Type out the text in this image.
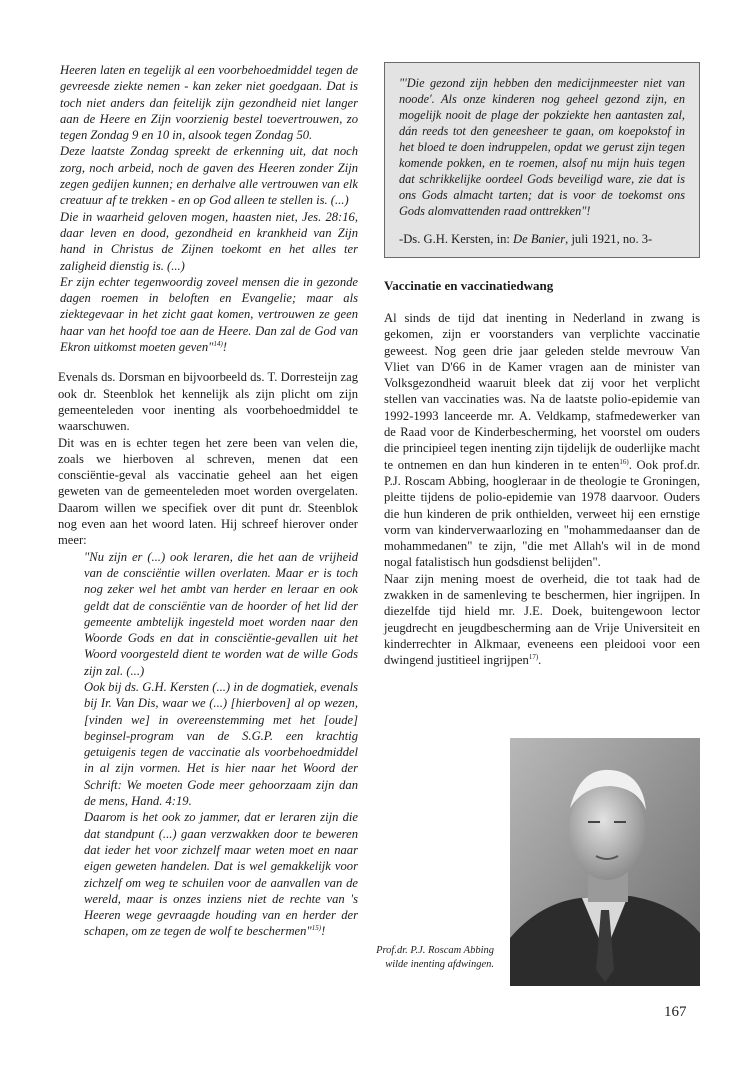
Heeren laten en tegelijk al een voorbehoedmiddel tegen de gevreesde ziekte nemen - kan zeker niet goedgaan. Dat is toch niet anders dan feitelijk zijn gezondheid niet langer aan de Heere en Zijn voorzienig bestel toevertrouwen, zo tegen Zondag 9 en 10 in, alsook tegen Zondag 50.

Deze laatste Zondag spreekt de erkenning uit, dat noch zorg, noch arbeid, noch de gaven des Heeren zonder Zijn zegen gedijen kunnen; en derhalve alle vertrouwen van elk creatuur af te trekken - en op God alleen te stellen is. (...)

Die in waarheid geloven mogen, haasten niet, Jes. 28:16, daar leven en dood, gezondheid en krankheid van Zijn hand in Christus de Zijnen toekomt en het alles ter zaligheid dienstig is. (...)

Er zijn echter tegenwoordig zoveel mensen die in gezonde dagen roemen in beloften en Evangelie; maar als ziektegevaar in het zicht gaat komen, vertrouwen ze geen haar van het hoofd toe aan de Heere. Dan zal de God van Ekron uitkomst moeten geven"$^{14)}$!

Evenals ds. Dorsman en bijvoorbeeld ds. T. Dorresteijn zag ook dr. Steenblok het kennelijk als zijn plicht om zijn gemeenteleden voor inenting als voorbehoedmiddel te waarschuwen.

Dit was en is echter tegen het zere been van velen die, zoals we hierboven al schreven, menen dat een consciëntie-geval als vaccinatie geheel aan het eigen geweten van de gemeenteleden moet worden overgelaten. Daarom willen we specifiek over dit punt dr. Steenblok nog even aan het woord laten. Hij schreef hierover onder meer:

"Nu zijn er (...) ook leraren, die het aan de vrijheid van de consciëntie willen overlaten. Maar er is toch nog zeker wel het ambt van herder en leraar en ook geldt dat de consciëntie van de hoorder of het lid der gemeente ambtelijk ingesteld moet worden naar den Woorde Gods en dat in consciëntie-gevallen uit het Woord voorgesteld dient te worden wat de wille Gods zijn zal. (...)

Ook bij ds. G.H. Kersten (...) in de dogmatiek, evenals bij Ir. Van Dis, waar we (...) [hierboven] al op wezen, [vinden we] in overeenstemming met het [oude] beginsel-program van de S.G.P. een krachtig getuigenis tegen de vaccinatie als voorbehoedmiddel in al zijn vormen. Het is hier naar het Woord der Schrift: We moeten Gode meer gehoorzaam zijn dan de mens, Hand. 4:19.

Daarom is het ook zo jammer, dat er leraren zijn die dat standpunt (...) gaan verzwakken door te beweren dat ieder het voor zichzelf maar weten moet en naar eigen geweten handelen. Dat is wel gemakkelijk voor zichzelf om weg te schuilen voor de aanvallen van de wereld, maar is onzes inziens niet de rechte van 's Heeren wege gevraagde houding van en herder der schapen, om ze tegen de wolf te beschermen"$^{15)}$!

"'Die gezond zijn hebben den medicijnmeester niet van noode'. Als onze kinderen nog geheel gezond zijn, en mogelijk nooit de plage der pokziekte hen aantasten zal, dán reeds tot den geneesheer te gaan, om koepokstof in het bloed te doen indruppelen, opdat we gerust zijn tegen komende pokken, en te roemen, alsof nu mijn huis tegen dat schrikkelijke oordeel Gods beveiligd ware, zie dat is ons Gods almacht tarten; dat is voor de toekomst ons Gods alomvattenden raad onttrekken"!

-Ds. G.H. Kersten, in: De Banier, juli 1921, no. 3-

Vaccinatie en vaccinatiedwang

Al sinds de tijd dat inenting in Nederland in zwang is gekomen, zijn er voorstanders van verplichte vaccinatie geweest. Nog geen drie jaar geleden stelde mevrouw Van Vliet van D'66 in de Kamer vragen aan de minister van Volksgezondheid waaruit bleek dat zij voor het verplicht stellen van vaccinaties was. Na de laatste polio-epidemie van 1992-1993 lanceerde mr. A. Veldkamp, stafmedewerker van de Raad voor de Kinderbescherming, het voorstel om ouders die principieel tegen inenting zijn tijdelijk de ouderlijke macht te ontnemen en dan hun kinderen in te enten$^{16)}$. Ook prof.dr. P.J. Roscam Abbing, hoogleraar in de theologie te Groningen, pleitte tijdens de polio-epidemie van 1978 daarvoor. Ouders die hun kinderen de prik onthielden, verweet hij een ernstige vorm van kinderverwaarlozing en "mohammedaanser dan de mohammedanen" te zijn, "die met Allah's wil in de mond nogal fatalistisch hun godsdienst belijden".

Naar zijn mening moest de overheid, die tot taak had de zwakken in de samenleving te beschermen, hier ingrijpen. In diezelfde tijd hield mr. J.E. Doek, buitengewoon lector jeugdrecht en jeugdbescherming aan de Vrije Universiteit en kinderrechter in Alkmaar, eveneens een pleidooi voor een dwingend justitieel ingrijpen$^{17)}$.

Prof.dr. P.J. Roscam Abbing wilde inenting afdwingen.
167
